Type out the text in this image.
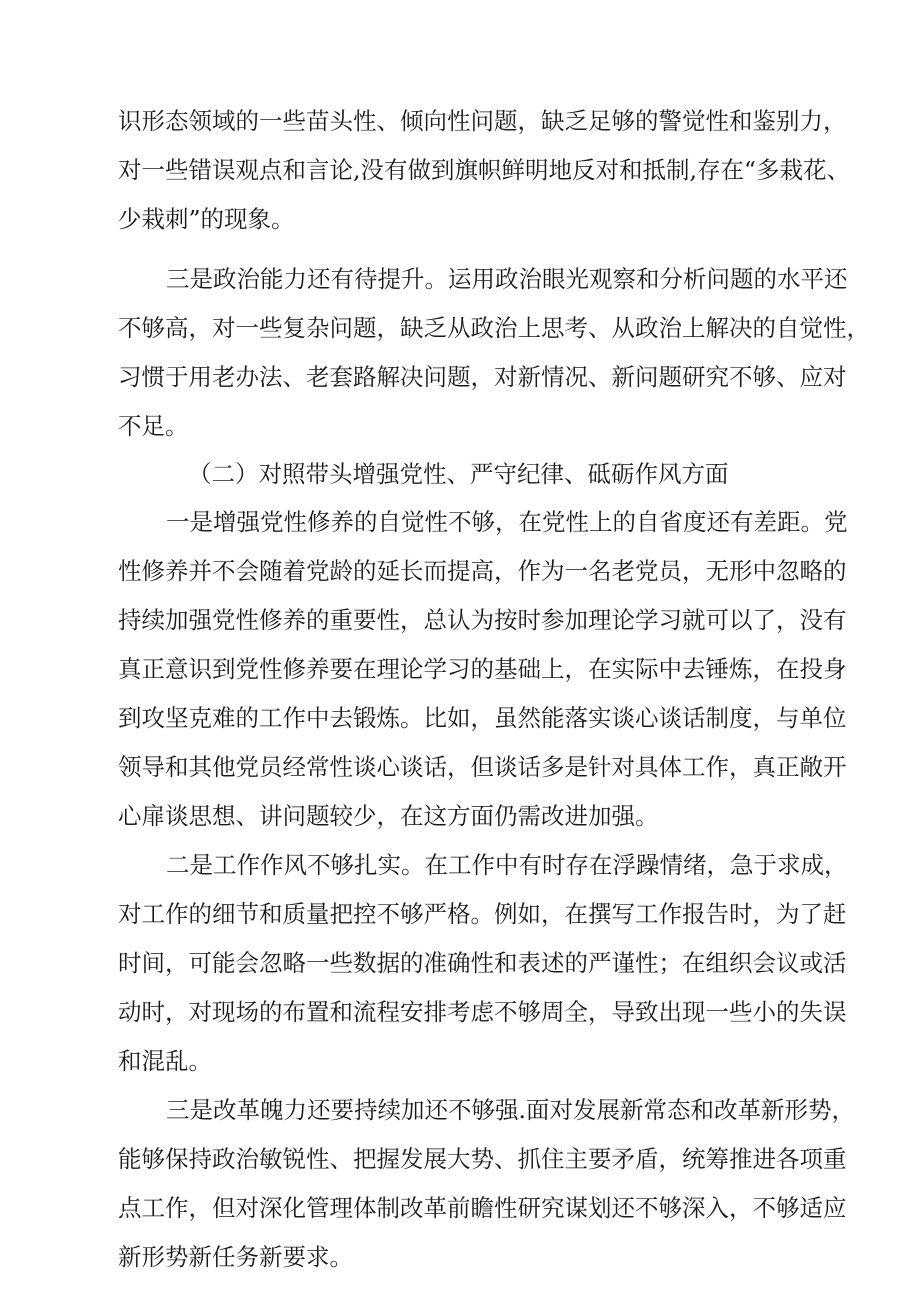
识形态领域的一些苗头性、倾向性问题，缺乏足够的警觉性和鉴别力，
对一些错误观点和言论,没有做到旗帜鲜明地反对和抵制,存在“多栽花、
少栽刺”的现象。
三是政治能力还有待提升。运用政治眼光观察和分析问题的水平还
不够高，对一些复杂问题，缺乏从政治上思考、从政治上解决的自觉性，
习惯于用老办法、老套路解决问题，对新情况、新问题研究不够、应对
不足。
（二）对照带头增强党性、严守纪律、砥砺作风方面
一是增强党性修养的自觉性不够，在党性上的自省度还有差距。党
性修养并不会随着党龄的延长而提高，作为一名老党员，无形中忽略的
持续加强党性修养的重要性，总认为按时参加理论学习就可以了，没有
真正意识到党性修养要在理论学习的基础上，在实际中去锤炼，在投身
到攻坚克难的工作中去锻炼。比如，虽然能落实谈心谈话制度，与单位
领导和其他党员经常性谈心谈话，但谈话多是针对具体工作，真正敞开
心扉谈思想、讲问题较少，在这方面仍需改进加强。
二是工作作风不够扎实。在工作中有时存在浮躁情绪，急于求成，
对工作的细节和质量把控不够严格。例如，在撰写工作报告时，为了赶
时间，可能会忽略一些数据的准确性和表述的严谨性；在组织会议或活
动时，对现场的布置和流程安排考虑不够周全，导致出现一些小的失误
和混乱。
三是改革魄力还要持续加还不够强.面对发展新常态和改革新形势，
能够保持政治敏锐性、把握发展大势、抓住主要矛盾，统筹推进各项重
点工作，但对深化管理体制改革前瞻性研究谋划还不够深入，不够适应
新形势新任务新要求。
